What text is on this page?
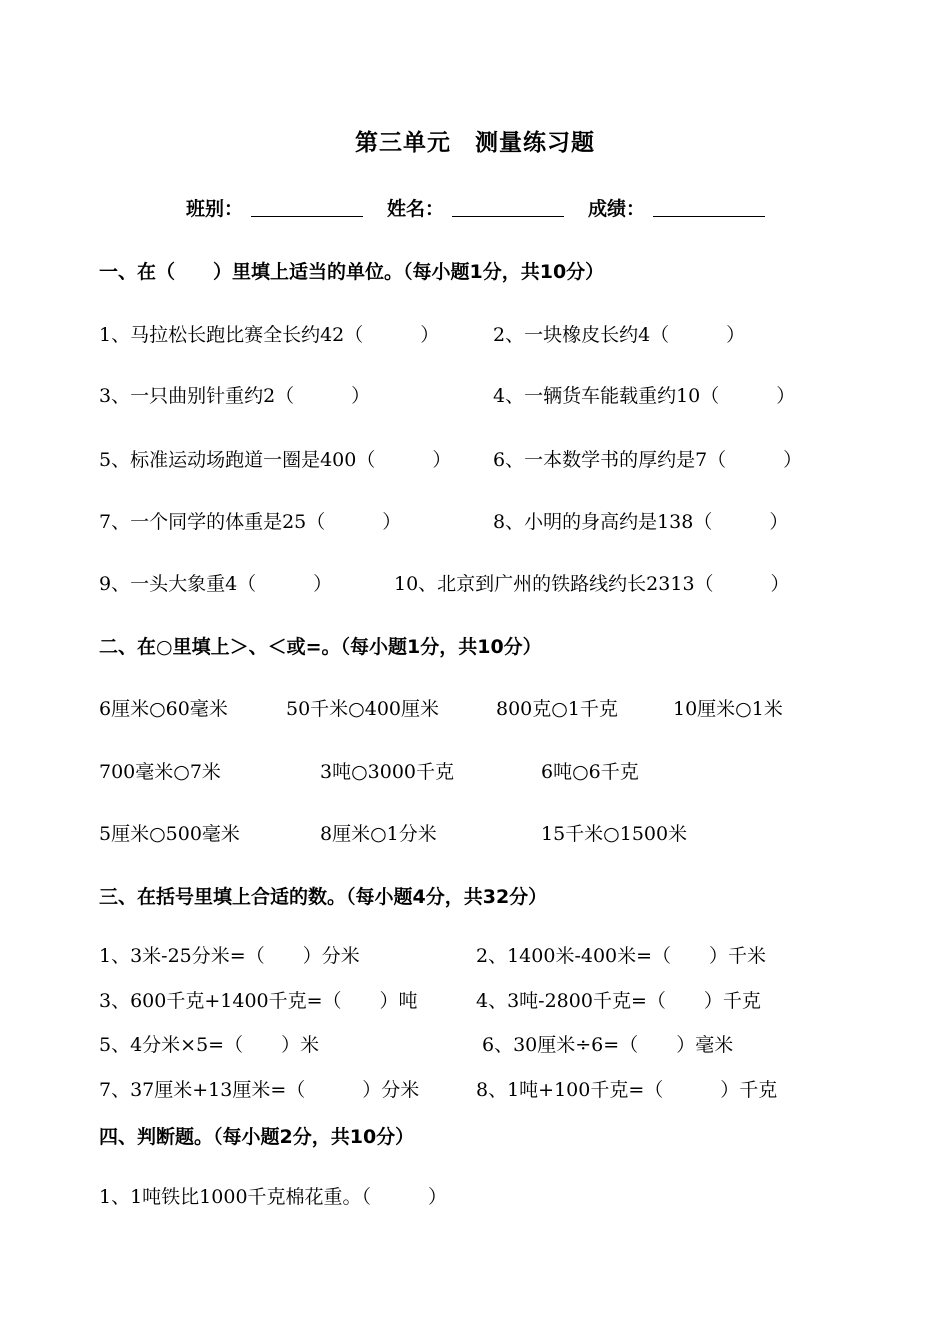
第三单元　测量练习题
班别：	姓名：	成绩：
一、在（　　）里填上适当的单位。（每小题1分，共10分）
1、马拉松长跑比赛全长约42（　　　）	2、一块橡皮长约4（　　　）
3、一只曲别针重约2（　　　）	4、一辆货车能载重约10（　　　）
5、标准运动场跑道一圈是400（　　　） 6、一本数学书的厚约是7（　　　）
7、一个同学的体重是25（　　　）	8、小明的身高约是138（　　　）
9、一头大象重4（　　　）	10、北京到广州的铁路线约长2313（　　　）
二、在○里填上＞、＜或=。（每小题1分，共10分）
6厘米○60毫米	50千米○400厘米	800克○1千克	10厘米○1米
700毫米○7米	3吨○3000千克	6吨○6千克
5厘米○500毫米	8厘米○1分米	15千米○1500米
三、在括号里填上合适的数。（每小题4分，共32分）
1、3米-25分米=（　　）分米	2、1400米-400米=（　　）千米
3、600千克+1400千克=（　　）吨	4、3吨-2800千克=（　　）千克
5、4分米×5=（　　）米	6、30厘米÷6=（　　）毫米
7、37厘米+13厘米=（　　　）分米	8、1吨+100千克=（　　　）千克
四、判断题。（每小题2分，共10分）
1、1吨铁比1000千克棉花重。（　　　）
